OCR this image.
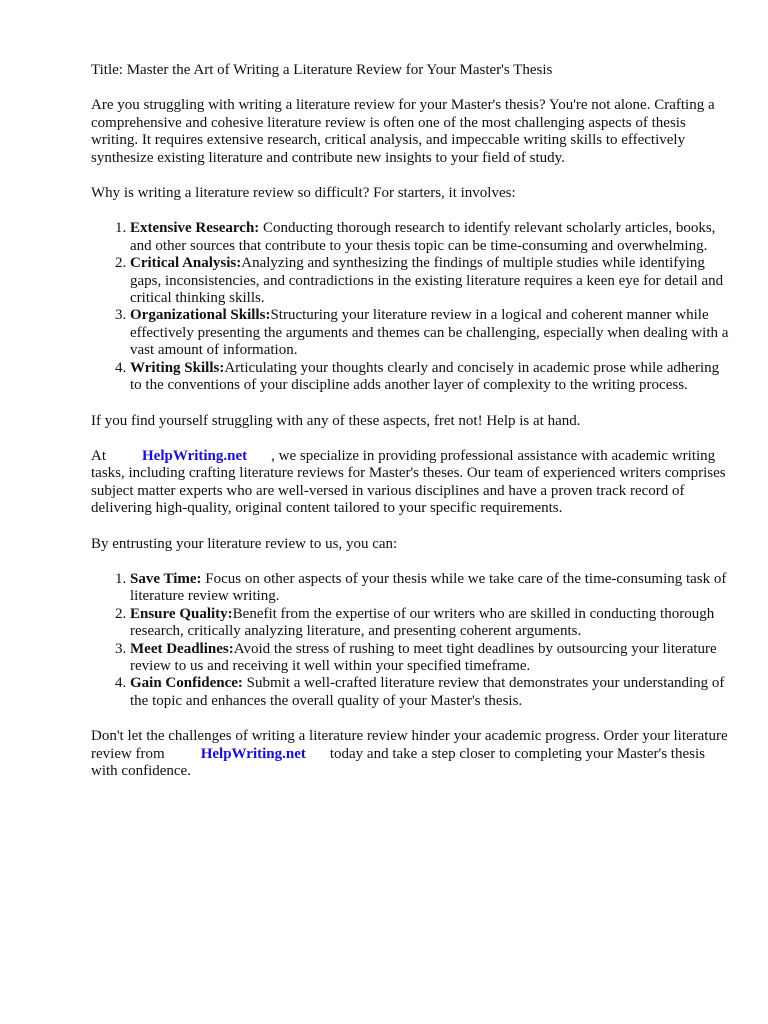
Title: Master the Art of Writing a Literature Review for Your Master's Thesis

Are you struggling with writing a literature review for your Master's thesis? You're not alone. Crafting a comprehensive and cohesive literature review is often one of the most challenging aspects of thesis writing. It requires extensive research, critical analysis, and impeccable writing skills to effectively synthesize existing literature and contribute new insights to your field of study.

Why is writing a literature review so difficult? For starters, it involves:

1. Extensive Research: Conducting thorough research to identify relevant scholarly articles, books, and other sources that contribute to your thesis topic can be time-consuming and overwhelming.
2. Critical Analysis:Analyzing and synthesizing the findings of multiple studies while identifying gaps, inconsistencies, and contradictions in the existing literature requires a keen eye for detail and critical thinking skills.
3. Organizational Skills:Structuring your literature review in a logical and coherent manner while effectively presenting the arguments and themes can be challenging, especially when dealing with a vast amount of information.
4. Writing Skills:Articulating your thoughts clearly and concisely in academic prose while adhering to the conventions of your discipline adds another layer of complexity to the writing process.

If you find yourself struggling with any of these aspects, fret not! Help is at hand.

At HelpWriting.net , we specialize in providing professional assistance with academic writing tasks, including crafting literature reviews for Master's theses. Our team of experienced writers comprises subject matter experts who are well-versed in various disciplines and have a proven track record of delivering high-quality, original content tailored to your specific requirements.

By entrusting your literature review to us, you can:

1. Save Time: Focus on other aspects of your thesis while we take care of the time-consuming task of literature review writing.
2. Ensure Quality:Benefit from the expertise of our writers who are skilled in conducting thorough research, critically analyzing literature, and presenting coherent arguments.
3. Meet Deadlines:Avoid the stress of rushing to meet tight deadlines by outsourcing your literature review to us and receiving it well within your specified timeframe.
4. Gain Confidence: Submit a well-crafted literature review that demonstrates your understanding of the topic and enhances the overall quality of your Master's thesis.

Don't let the challenges of writing a literature review hinder your academic progress. Order your literature review from HelpWriting.net today and take a step closer to completing your Master's thesis with confidence.
